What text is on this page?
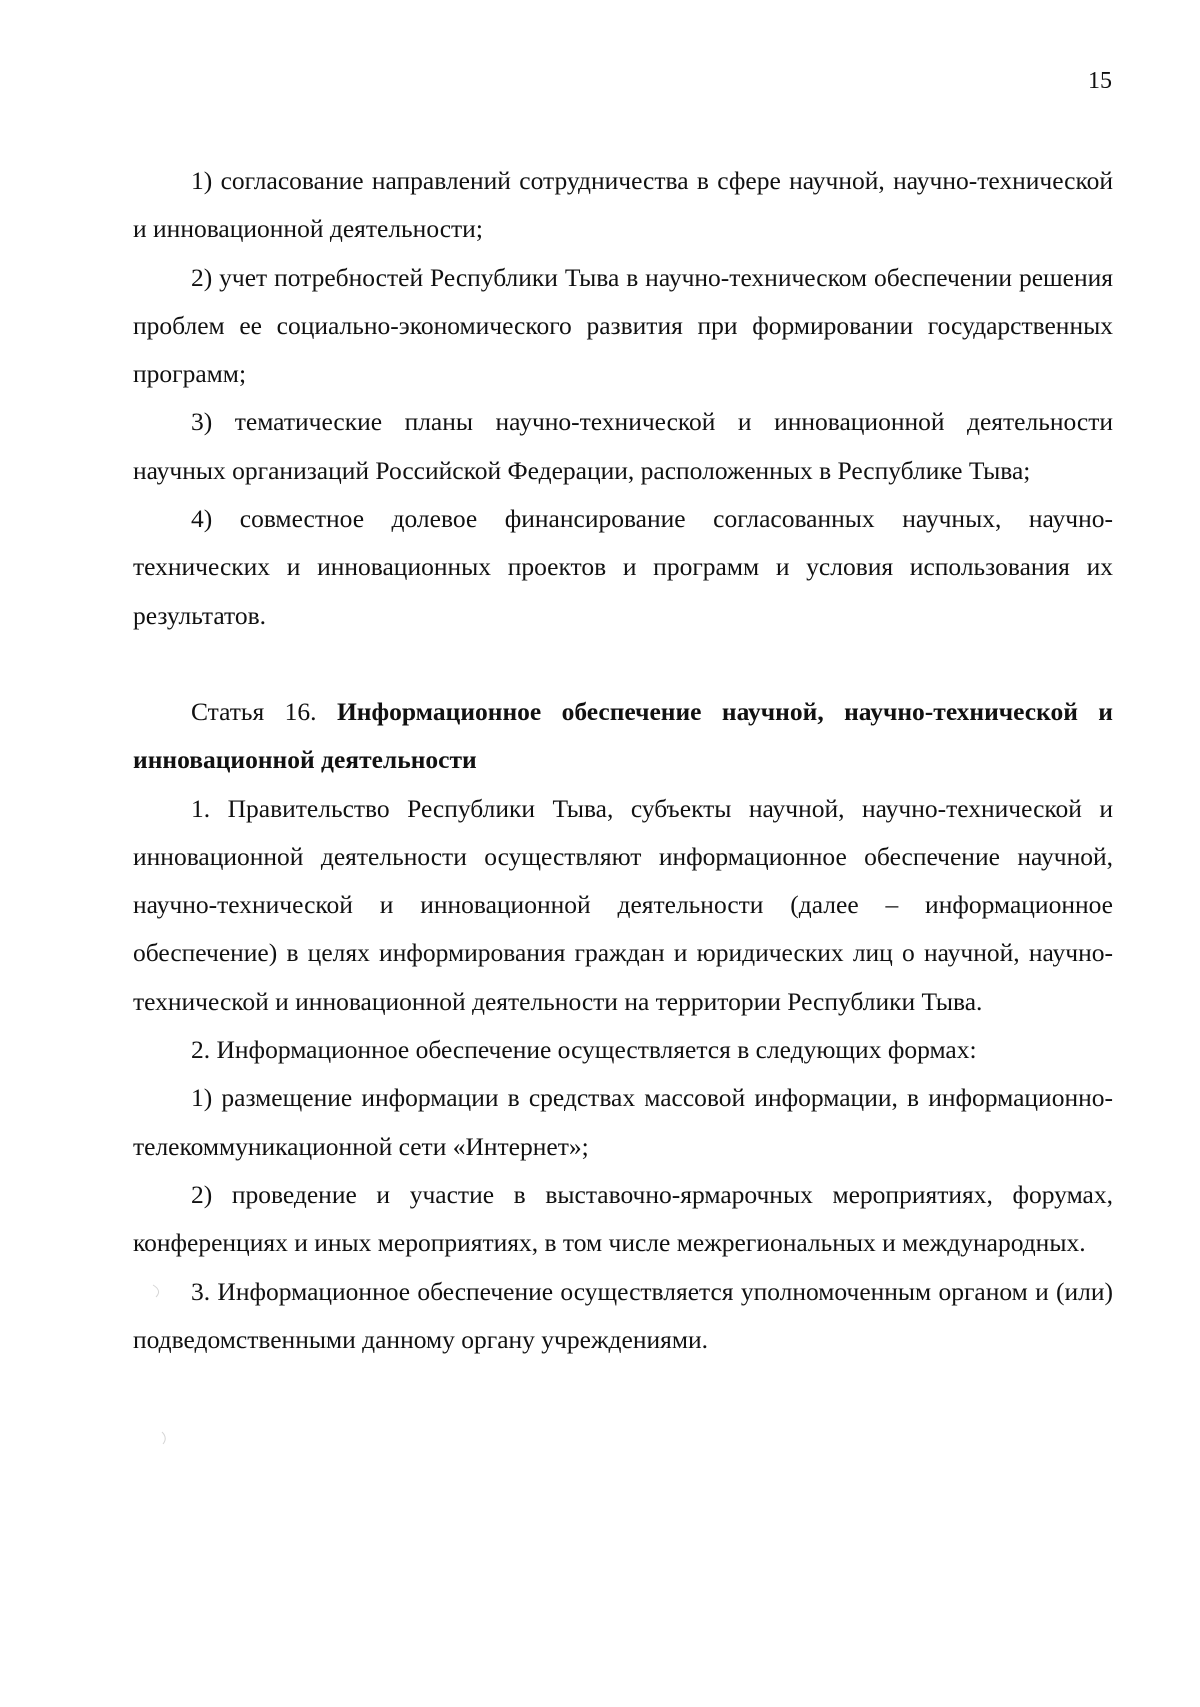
15

1) согласование направлений сотрудничества в сфере научной, научно-технической и инновационной деятельности;

2) учет потребностей Республики Тыва в научно-техническом обеспечении решения проблем ее социально-экономического развития при формировании государственных программ;

3) тематические планы научно-технической и инновационной деятельности научных организаций Российской Федерации, расположенных в Республике Тыва;

4) совместное долевое финансирование согласованных научных, научно-технических и инновационных проектов и программ и условия использования их результатов.

Статья 16. Информационное обеспечение научной, научно-технической и инновационной деятельности

1. Правительство Республики Тыва, субъекты научной, научно-технической и инновационной деятельности осуществляют информационное обеспечение научной, научно-технической и инновационной деятельности (далее – информационное обеспечение) в целях информирования граждан и юридических лиц о научной, научно-технической и инновационной деятельности на территории Республики Тыва.

2. Информационное обеспечение осуществляется в следующих формах:

1) размещение информации в средствах массовой информации, в информационно-телекоммуникационной сети «Интернет»;

2) проведение и участие в выставочно-ярмарочных мероприятиях, форумах, конференциях и иных мероприятиях, в том числе межрегиональных и международных.

3. Информационное обеспечение осуществляется уполномоченным органом и (или) подведомственными данному органу учреждениями.
